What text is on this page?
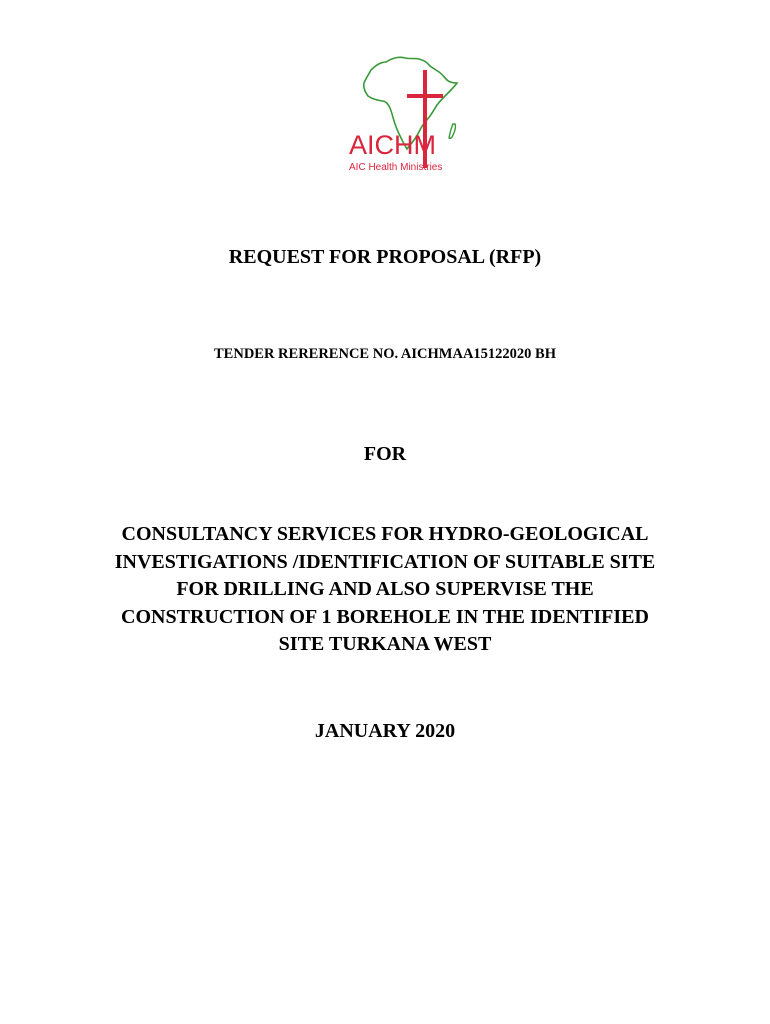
AICHM
AIC Health Ministries
REQUEST FOR PROPOSAL (RFP)
TENDER RERERENCE NO. AICHMAA15122020 BH
FOR
CONSULTANCY SERVICES FOR HYDRO-GEOLOGICAL
INVESTIGATIONS /IDENTIFICATION OF SUITABLE SITE
FOR DRILLING AND ALSO SUPERVISE THE
CONSTRUCTION OF 1 BOREHOLE IN THE IDENTIFIED
SITE TURKANA WEST
JANUARY 2020
